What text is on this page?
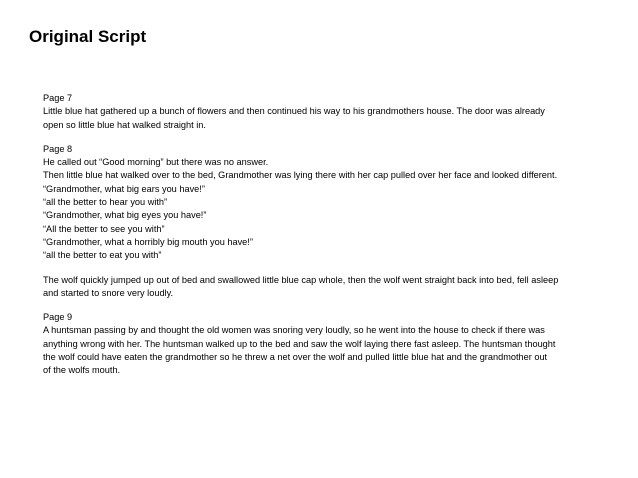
Original Script
Page 7
Little blue hat gathered up a bunch of flowers and then continued his way to his grandmothers house. The door was already
open so little blue hat walked straight in.
Page 8
He called out “Good morning” but there was no answer.
Then little blue hat walked over to the bed, Grandmother was lying there with her cap pulled over her face and looked different.
“Grandmother, what big ears you have!”
“all the better to hear you with”
“Grandmother, what big eyes you have!”
“All the better to see you with”
“Grandmother, what a horribly big mouth you have!”
“all the better to eat you with”
The wolf quickly jumped up out of bed and swallowed little blue cap whole, then the wolf went straight back into bed, fell asleep
and started to snore very loudly.
Page 9
A huntsman passing by and thought the old women was snoring very loudly, so he went into the house to check if there was
anything wrong with her. The huntsman walked up to the bed and saw the wolf laying there fast asleep. The huntsman thought
the wolf could have eaten the grandmother so he threw a net over the wolf and pulled little blue hat and the grandmother out
of the wolfs mouth.
